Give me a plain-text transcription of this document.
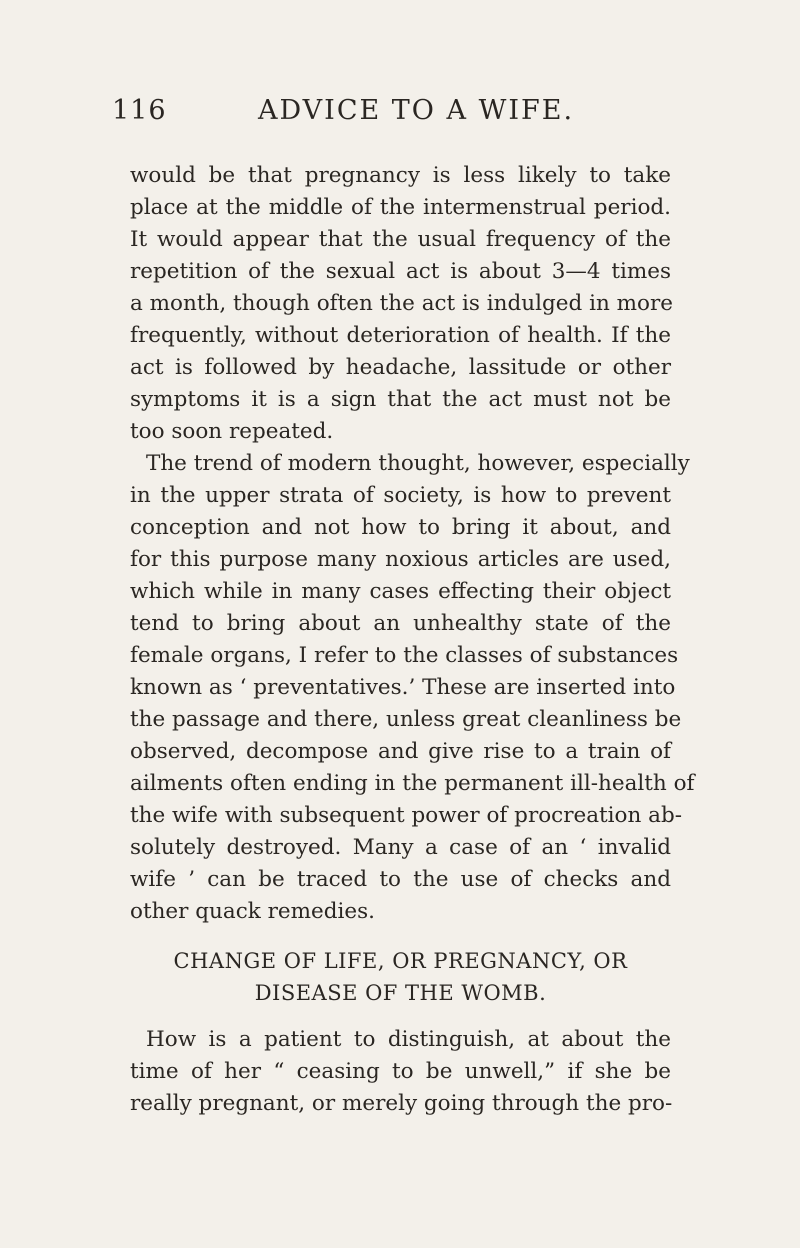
116	ADVICE TO A WIFE.
would be that pregnancy is less likely to take
place at the middle of the intermenstrual period.
It would appear that the usual frequency of the
repetition of the sexual act is about 3—4 times
a month, though often the act is indulged in more
frequently, without deterioration of health. If the
act is followed by headache, lassitude or other
symptoms it is a sign that the act must not be
too soon repeated.
The trend of modern thought, however, especially
in the upper strata of society, is how to prevent
conception and not how to bring it about, and
for this purpose many noxious articles are used,
which while in many cases effecting their object
tend to bring about an unhealthy state of the
female organs, I refer to the classes of substances
known as ‘ preventatives.’ These are inserted into
the passage and there, unless great cleanliness be
observed, decompose and give rise to a train of
ailments often ending in the permanent ill-health of
the wife with subsequent power of procreation ab-
solutely destroyed. Many a case of an ‘ invalid
wife ’ can be traced to the use of checks and
other quack remedies.
CHANGE OF LIFE, OR PREGNANCY, OR
DISEASE OF THE WOMB.
How is a patient to distinguish, at about the
time of her “ ceasing to be unwell,” if she be
really pregnant, or merely going through the pro-
